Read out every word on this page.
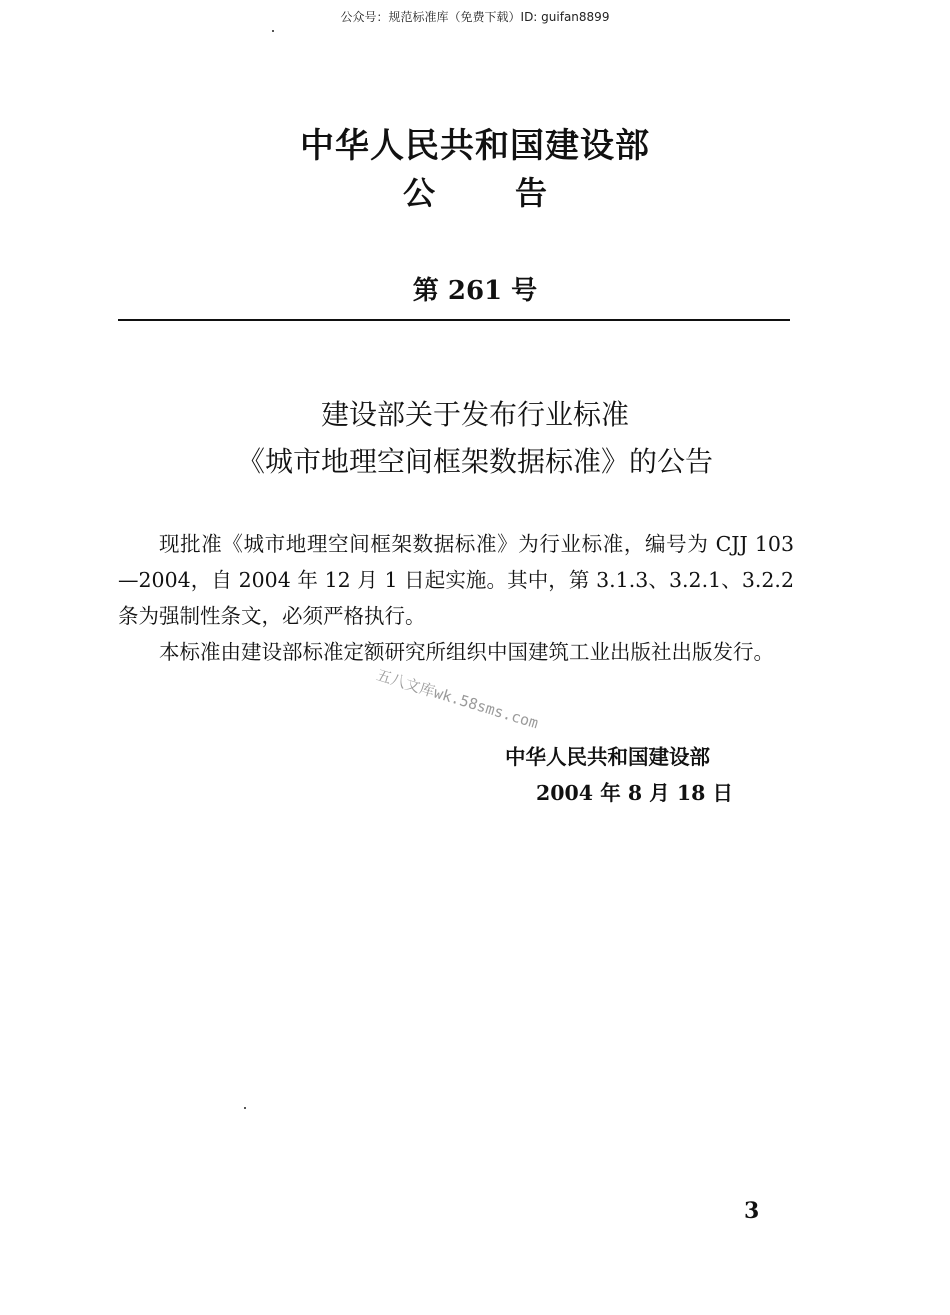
公众号：规范标准库（免费下载）ID: guifan8899
中华人民共和国建设部
公	告
第 261 号
建设部关于发布行业标准
《城市地理空间框架数据标准》的公告

现批准《城市地理空间框架数据标准》为行业标准，编号为 CJJ 103—2004，自 2004 年 12 月 1 日起实施。其中，第 3.1.3、3.2.1、3.2.2 条为强制性条文，必须严格执行。

本标准由建设部标准定额研究所组织中国建筑工业出版社出版发行。

五八文库wk.58sms.com
中华人民共和国建设部
2004 年 8 月 18 日
3
